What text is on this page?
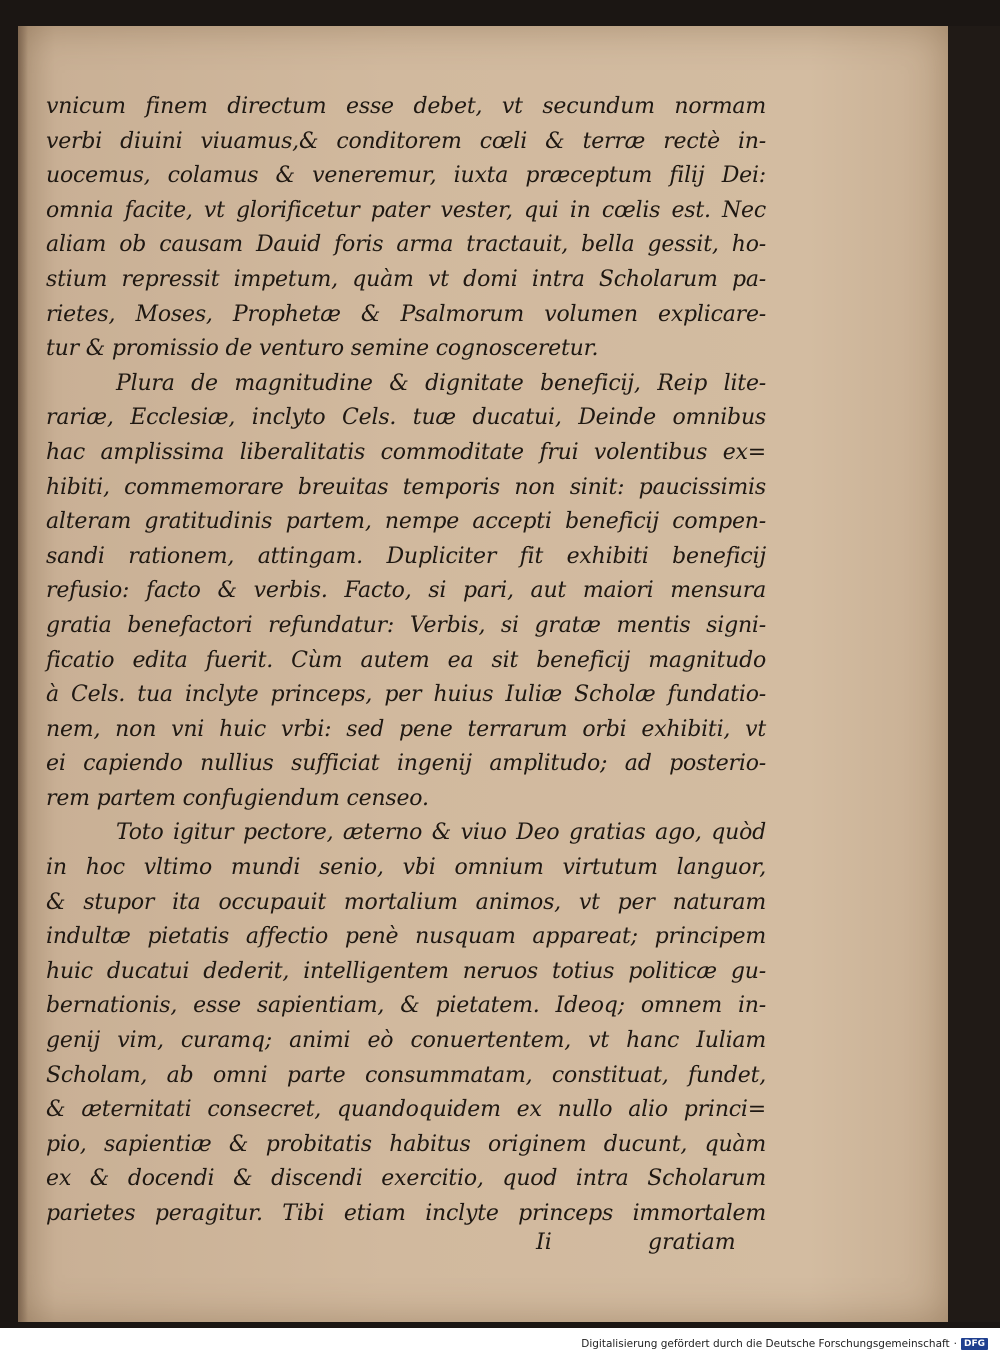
vnicum finem directum esse debet, vt secundum normam
verbi diuini viuamus,& conditorem cœli & terræ rectè in-
uocemus, colamus & veneremur, iuxta præceptum filij Dei:
omnia facite, vt glorificetur pater vester, qui in cœlis est. Nec
aliam ob causam Dauid foris arma tractauit, bella gessit, ho-
stium repressit impetum, quàm vt domi intra Scholarum pa-
rietes, Moses, Prophetæ & Psalmorum volumen explicare-
tur & promissio de venturo semine cognosceretur.
Plura de magnitudine & dignitate beneficij, Reip lite-
rariæ, Ecclesiæ, inclyto Cels. tuæ ducatui, Deinde omnibus
hac amplissima liberalitatis commoditate frui volentibus ex=
hibiti, commemorare breuitas temporis non sinit: paucissimis
alteram gratitudinis partem, nempe accepti beneficij compen-
sandi rationem, attingam. Dupliciter fit exhibiti beneficij
refusio: facto & verbis. Facto, si pari, aut maiori mensura
gratia benefactori refundatur: Verbis, si gratæ mentis signi-
ficatio edita fuerit. Cùm autem ea sit beneficij magnitudo
à Cels. tua inclyte princeps, per huius Iuliæ Scholæ fundatio-
nem, non vni huic vrbi: sed pene terrarum orbi exhibiti, vt
ei capiendo nullius sufficiat ingenij amplitudo; ad posterio-
rem partem confugiendum censeo.
Toto igitur pectore, æterno & viuo Deo gratias ago, quòd
in hoc vltimo mundi senio, vbi omnium virtutum languor,
& stupor ita occupauit mortalium animos, vt per naturam
indultæ pietatis affectio penè nusquam appareat; principem
huic ducatui dederit, intelligentem neruos totius politicæ gu-
bernationis, esse sapientiam, & pietatem. Ideoq; omnem in-
genij vim, curamq; animi eò conuertentem, vt hanc Iuliam
Scholam, ab omni parte consummatam, constituat, fundet,
& æternitati consecret, quandoquidem ex nullo alio princi=
pio, sapientiæ & probitatis habitus originem ducunt, quàm
ex & docendi & discendi exercitio, quod intra Scholarum
parietes peragitur. Tibi etiam inclyte princeps immortalem
Ii	gratiam
Digitalisierung gefördert durch die Deutsche Forschungsgemeinschaft · DFG
